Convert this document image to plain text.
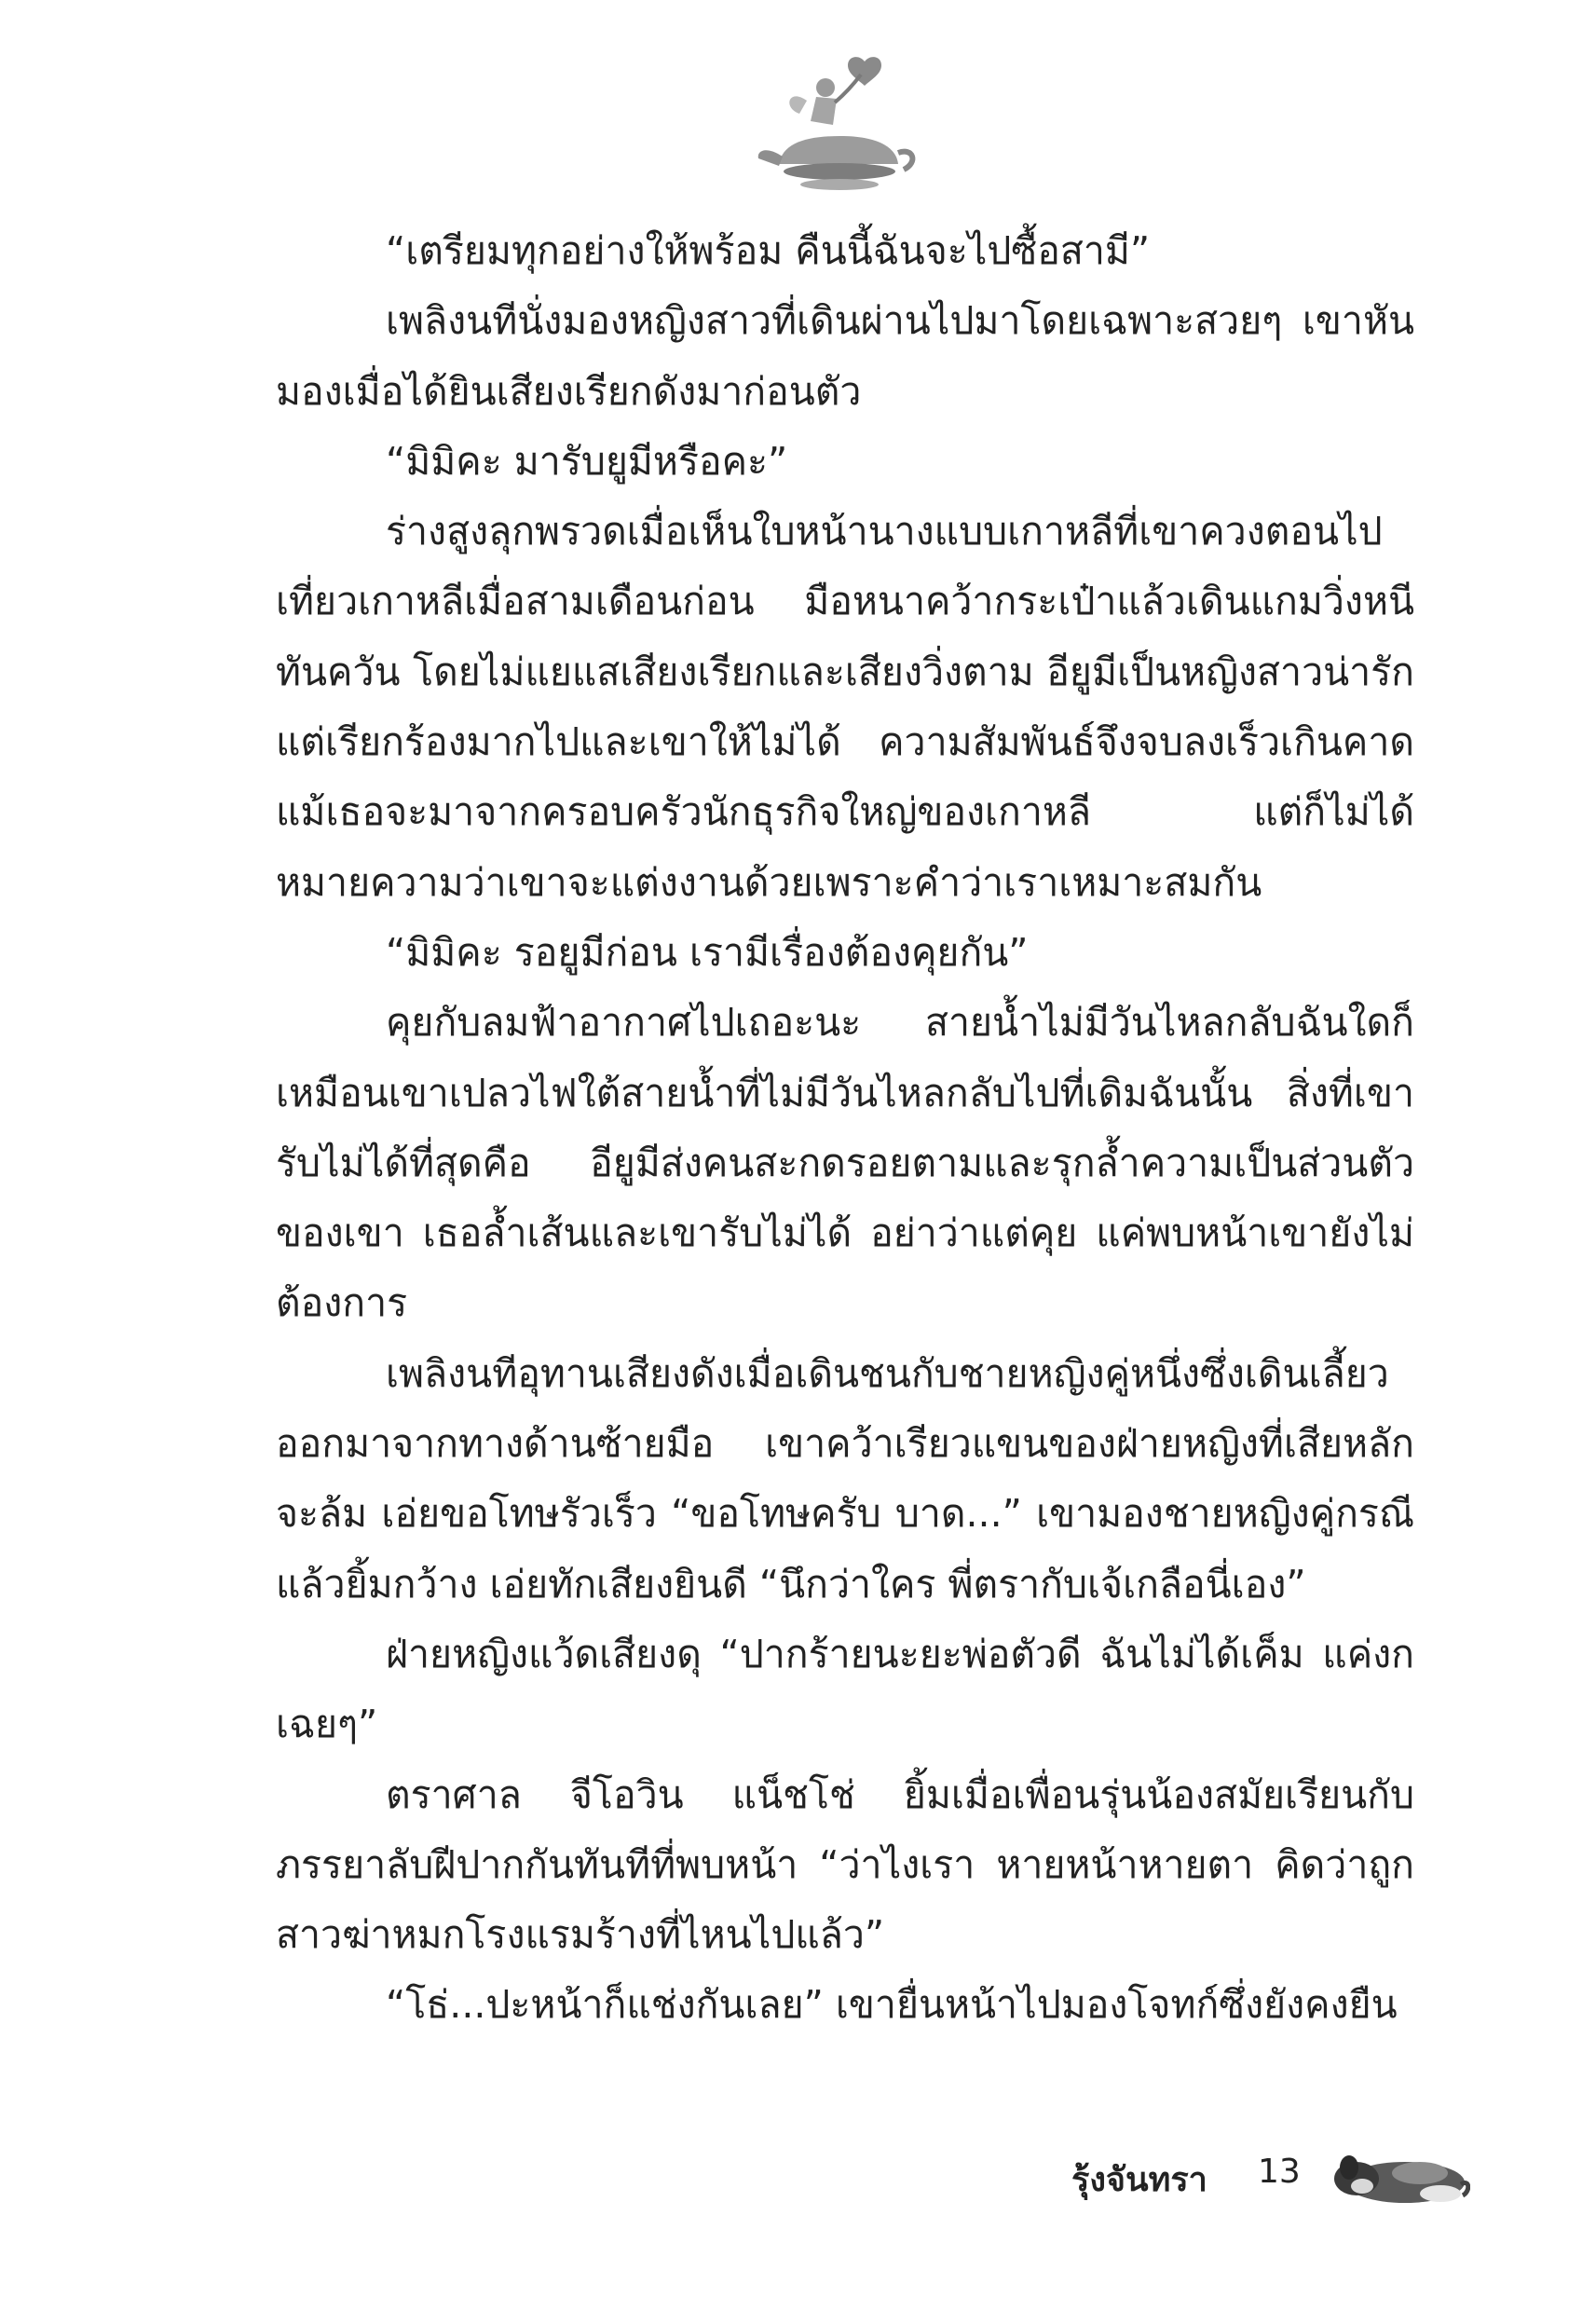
“เตรียมทุกอย่างให้พร้อม คืนนี้ฉันจะไปซื้อสามี”

เพลิงนทีนั่งมองหญิงสาวที่เดินผ่านไปมาโดยเฉพาะสวยๆ เขาหันมองเมื่อได้ยินเสียงเรียกดังมาก่อนตัว

“มิมิคะ มารับยูมีหรือคะ”

ร่างสูงลุกพรวดเมื่อเห็นใบหน้านางแบบเกาหลีที่เขาควงตอนไปเที่ยวเกาหลีเมื่อสามเดือนก่อน มือหนาคว้ากระเป๋าแล้วเดินแกมวิ่งหนีทันควัน โดยไม่แยแสเสียงเรียกและเสียงวิ่งตาม อียูมีเป็นหญิงสาวน่ารักแต่เรียกร้องมากไปและเขาให้ไม่ได้ ความสัมพันธ์จึงจบลงเร็วเกินคาด แม้เธอจะมาจากครอบครัวนักธุรกิจใหญ่ของเกาหลี แต่ก็ไม่ได้หมายความว่าเขาจะแต่งงานด้วยเพราะคำว่าเราเหมาะสมกัน

“มิมิคะ รอยูมีก่อน เรามีเรื่องต้องคุยกัน”

คุยกับลมฟ้าอากาศไปเถอะนะ สายน้ำไม่มีวันไหลกลับฉันใดก็เหมือนเขาเปลวไฟใต้สายน้ำที่ไม่มีวันไหลกลับไปที่เดิมฉันนั้น สิ่งที่เขารับไม่ได้ที่สุดคือ อียูมีส่งคนสะกดรอยตามและรุกล้ำความเป็นส่วนตัวของเขา เธอล้ำเส้นและเขารับไม่ได้ อย่าว่าแต่คุย แค่พบหน้าเขายังไม่ต้องการ

เพลิงนทีอุทานเสียงดังเมื่อเดินชนกับชายหญิงคู่หนึ่งซึ่งเดินเลี้ยวออกมาจากทางด้านซ้ายมือ เขาคว้าเรียวแขนของฝ่ายหญิงที่เสียหลักจะล้ม เอ่ยขอโทษรัวเร็ว “ขอโทษครับ บาด...” เขามองชายหญิงคู่กรณีแล้วยิ้มกว้าง เอ่ยทักเสียงยินดี “นึกว่าใคร พี่ตรากับเจ้เกลือนี่เอง”

ฝ่ายหญิงแว้ดเสียงดุ “ปากร้ายนะยะพ่อตัวดี ฉันไม่ได้เค็ม แค่งกเฉยๆ”

ตราศาล จีโอวิน แน็ชโช่ ยิ้มเมื่อเพื่อนรุ่นน้องสมัยเรียนกับภรรยาลับฝีปากกันทันทีที่พบหน้า “ว่าไงเรา หายหน้าหายตา คิดว่าถูกสาวฆ่าหมกโรงแรมร้างที่ไหนไปแล้ว”

“โธ่...ปะหน้าก็แช่งกันเลย” เขายื่นหน้าไปมองโจทก์ซึ่งยังคงยืน

รุ้งจันทรา 13
